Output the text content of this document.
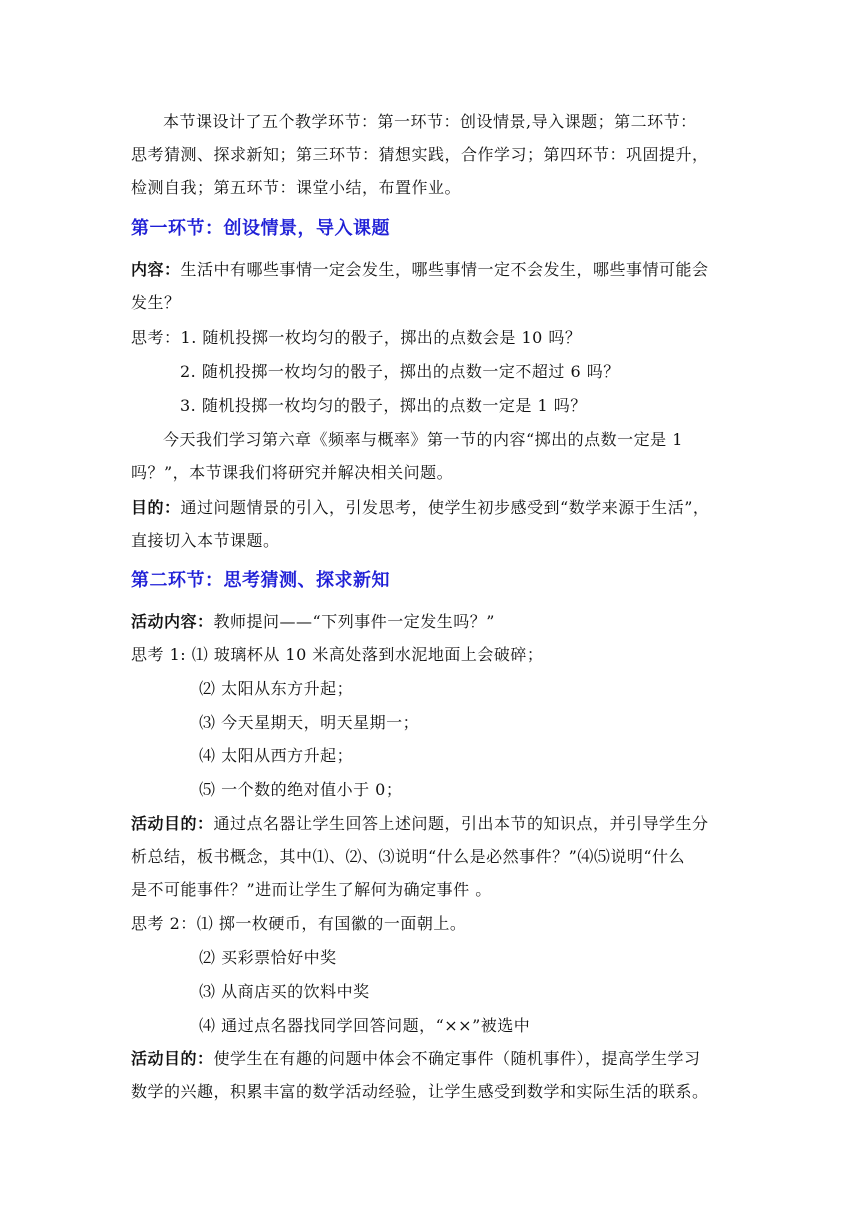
本节课设计了五个教学环节：第一环节：创设情景,导入课题；第二环节：
思考猜测、探求新知；第三环节：猜想实践，合作学习；第四环节：巩固提升，
检测自我；第五环节：课堂小结，布置作业。
第一环节：创设情景，导入课题
内容：生活中有哪些事情一定会发生，哪些事情一定不会发生，哪些事情可能会
发生？
思考：1. 随机投掷一枚均匀的骰子，掷出的点数会是 10 吗？
2. 随机投掷一枚均匀的骰子，掷出的点数一定不超过 6 吗？
3. 随机投掷一枚均匀的骰子，掷出的点数一定是 1 吗？
今天我们学习第六章《频率与概率》第一节的内容“掷出的点数一定是 1
吗？”，本节课我们将研究并解决相关问题。
目的：通过问题情景的引入，引发思考，使学生初步感受到“数学来源于生活”，
直接切入本节课题。
第二环节：思考猜测、探求新知
活动内容：教师提问——“下列事件一定发生吗？”
思考 1: ⑴ 玻璃杯从 10 米高处落到水泥地面上会破碎；
⑵ 太阳从东方升起；
⑶ 今天星期天，明天星期一；
⑷ 太阳从西方升起；
⑸ 一个数的绝对值小于 0；
活动目的：通过点名器让学生回答上述问题，引出本节的知识点，并引导学生分
析总结，板书概念，其中⑴、⑵、⑶说明“什么是必然事件？”⑷⑸说明“什么
是不可能事件？”进而让学生了解何为确定事件 。
思考 2：⑴ 掷一枚硬币，有国徽的一面朝上。
⑵ 买彩票恰好中奖
⑶ 从商店买的饮料中奖
⑷ 通过点名器找同学回答问题，“××”被选中
活动目的：使学生在有趣的问题中体会不确定事件（随机事件），提高学生学习
数学的兴趣，积累丰富的数学活动经验，让学生感受到数学和实际生活的联系。
